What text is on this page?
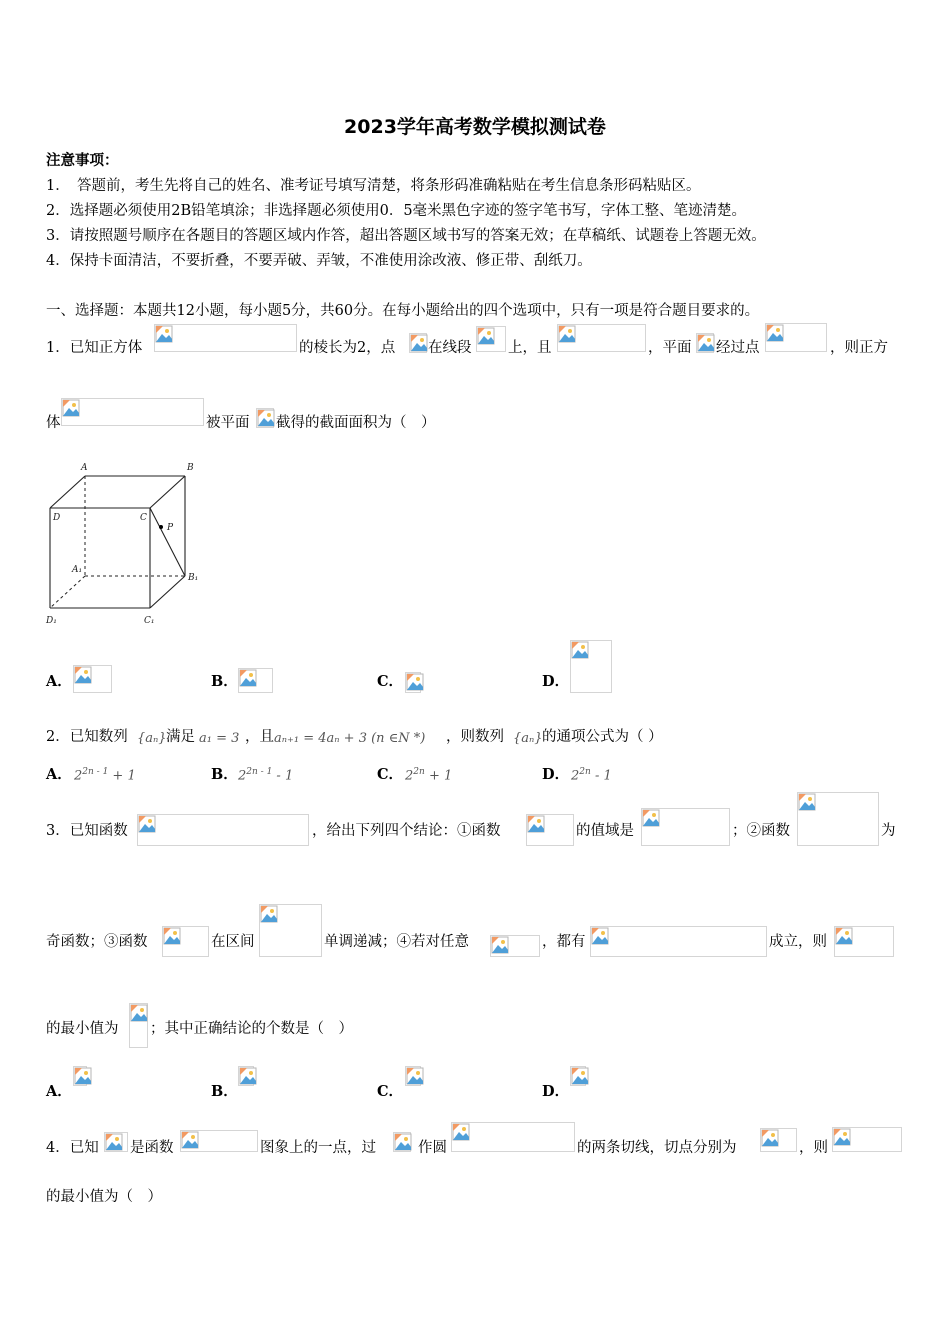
2023学年高考数学模拟测试卷
注意事项：
1．　答题前，考生先将自己的姓名、准考证号填写清楚，将条形码准确粘贴在考生信息条形码粘贴区。
2．选择题必须使用2B铅笔填涂；非选择题必须使用0．5毫米黑色字迹的签字笔书写，字体工整、笔迹清楚。
3．请按照题号顺序在各题目的答题区域内作答，超出答题区域书写的答案无效；在草稿纸、试题卷上答题无效。
4．保持卡面清洁，不要折叠，不要弄破、弄皱，不准使用涂改液、修正带、刮纸刀。
一、选择题：本题共12小题，每小题5分，共60分。在每小题给出的四个选项中，只有一项是符合题目要求的。
1．已知正方体	的棱长为2，点 在线段	上，且	，平面 经过点	，则正方
体	被平面 截得的截面面积为（　）
A	B
D	C
P
A₁
B₁
D₁	C₁
A．	B．	C．	D．
2．已知数列 {aₙ} 满足 a₁ = 3 ，且 aₙ₊₁ = 4aₙ + 3 (n ∈N *) ，则数列 {aₙ} 的通项公式为（ ）
A． $2^{2n - 1} + 1$	B． $2^{2n - 1} - 1$	C． $2^{2n} + 1$	D． $2^{2n} - 1$
3．已知函数	，给出下列四个结论：①函数	的值域是	；②函数	为
奇函数；③函数	在区间	单调递减；④若对任意	，都有	成立，则
的最小值为 ；其中正确结论的个数是（　）
A．	B．	C．	D．
4．已知 是函数	图象上的一点，过	作圆	的两条切线，切点分别为	，则
的最小值为（　）
